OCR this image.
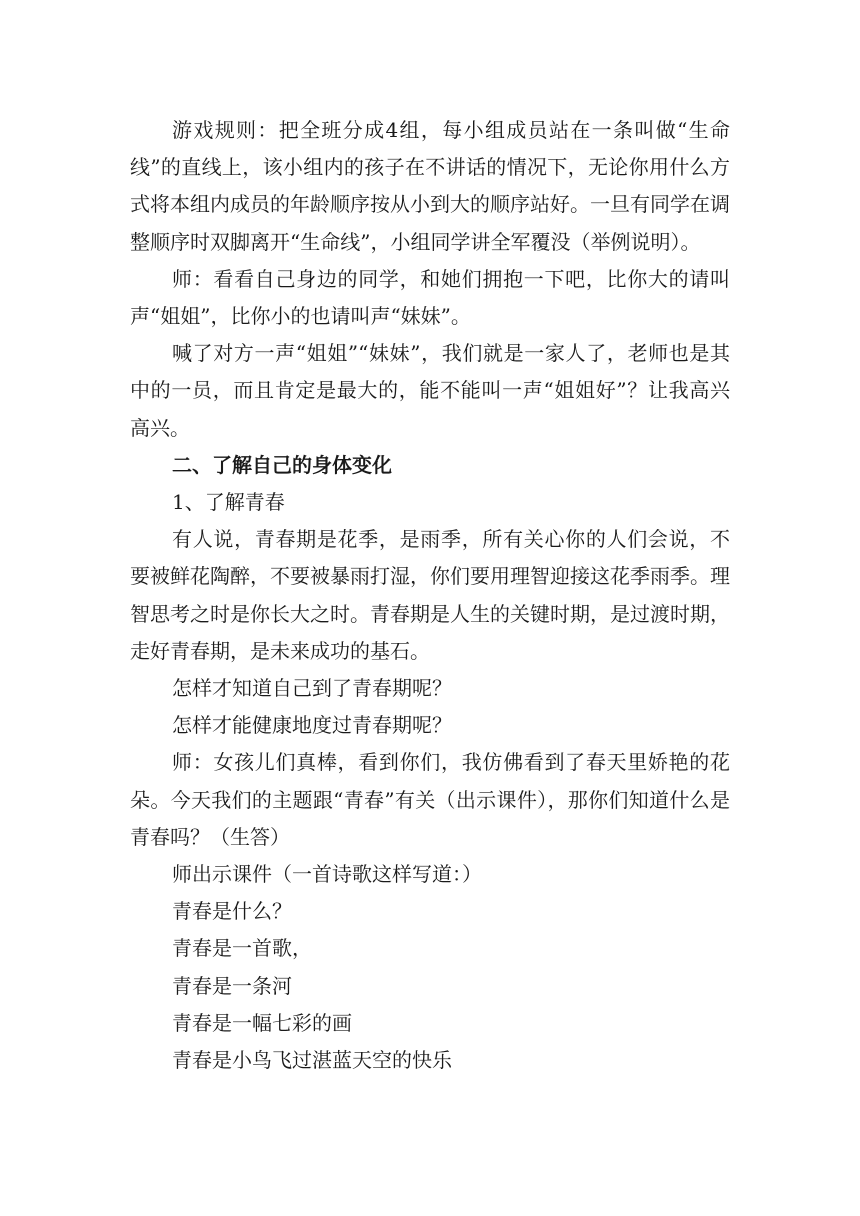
游戏规则：把全班分成4组，每小组成员站在一条叫做“生命线”的直线上，该小组内的孩子在不讲话的情况下，无论你用什么方式将本组内成员的年龄顺序按从小到大的顺序站好。一旦有同学在调整顺序时双脚离开“生命线”，小组同学讲全军覆没（举例说明）。

师：看看自己身边的同学，和她们拥抱一下吧，比你大的请叫声“姐姐”，比你小的也请叫声“妹妹”。

喊了对方一声“姐姐”“妹妹”，我们就是一家人了，老师也是其中的一员，而且肯定是最大的，能不能叫一声“姐姐好”？让我高兴高兴。

二、了解自己的身体变化

1、了解青春

有人说，青春期是花季，是雨季，所有关心你的人们会说，不要被鲜花陶醉，不要被暴雨打湿，你们要用理智迎接这花季雨季。理智思考之时是你长大之时。青春期是人生的关键时期，是过渡时期，走好青春期，是未来成功的基石。

怎样才知道自己到了青春期呢？

怎样才能健康地度过青春期呢？

师：女孩儿们真棒，看到你们，我仿佛看到了春天里娇艳的花朵。今天我们的主题跟“青春”有关（出示课件），那你们知道什么是青春吗？（生答）

师出示课件（一首诗歌这样写道：）

青春是什么？

青春是一首歌，

青春是一条河

青春是一幅七彩的画

青春是小鸟飞过湛蓝天空的快乐
